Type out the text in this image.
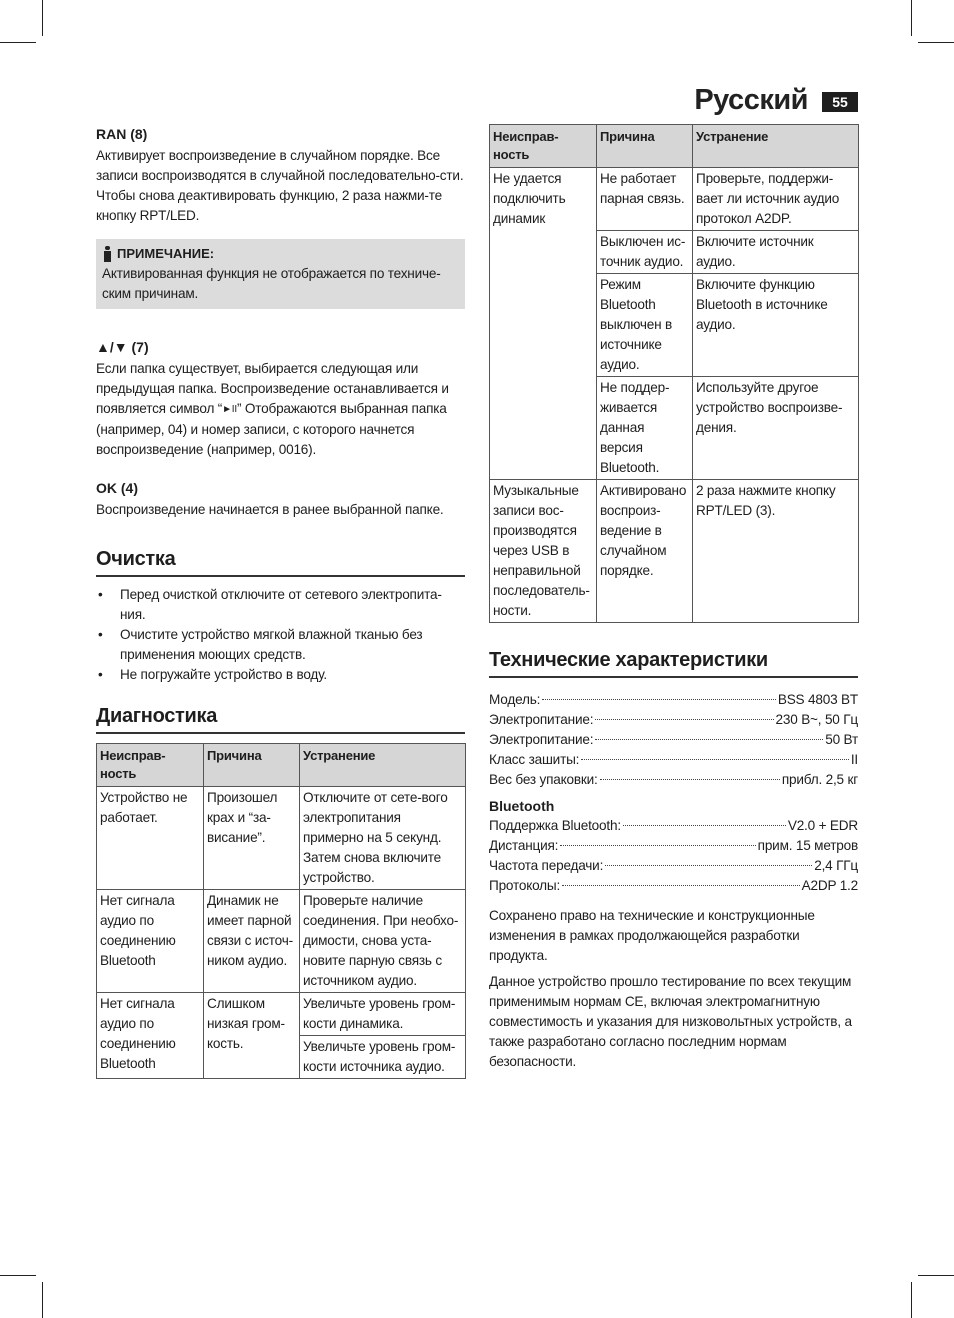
Русский	55

RAN (8)

Активирует воспроизведение в случайном порядке. Все записи воспроизводятся в случайной последовательно-сти. Чтобы снова деактивировать функцию, 2 раза нажми-те кнопку RPT/LED.

ПРИМЕЧАНИЕ:

Активированная функция не отображается по техниче-ским причинам.

▲/▼ (7)

Если папка существует, выбирается следующая или предыдущая папка. Воспроизведение останавливается и появляется символ “►II” Отображаются выбранная папка (например, 04) и номер записи, с которого начнется воспроизведение (например, 0016).

OK (4)

Воспроизведение начинается в ранее выбранной папке.

Очистка
• Перед очисткой отключите от сетевого электропита-ния.
• Очистите устройство мягкой влажной тканью без применения моющих средств.
• Не погружайте устройство в воду.
Диагностика
Неисправ-ность	Причина	Устранение
Устройство не работает.	Произошел крах и “за-висание”.	Отключите от сете-вого электропитания примерно на 5 секунд. Затем снова включите устройство.
Нет сигнала аудио по соединению Bluetooth	Динамик не имеет парной связи с источ-ником аудио.	Проверьте наличие соединения. При необхо-димости, снова уста-новите парную связь с источником аудио.
Нет сигнала аудио по соединению Bluetooth	Слишком низкая гром-кость.	Увеличьте уровень гром-кости динамика.
		Увеличьте уровень гром-кости источника аудио.
Неисправ-ность	Причина	Устранение
Не удается подключить динамик	Не работает парная связь.	Проверьте, поддержи-вает ли источник аудио протокол A2DP.
	Выключен ис-точник аудио.	Включите источник аудио.
	Режим Bluetooth выключен в источнике аудио.	Включите функцию Bluetooth в источнике аудио.
	Не поддер-живается данная версия Bluetooth.	Используйте другое устройство воспроизве-дения.
Музыкальные записи вос-производятся через USB в неправильной последователь-ности.	Активировано воспроиз-ведение в случайном порядке.	2 раза нажмите кнопку RPT/LED (3).
Технические характеристики
Модель:	BSS 4803 BT
Электропитание:	230 В~, 50 Гц
Электропитание:	50 Вт
Класс зашиты:	II
Вес без упаковки:	прибл. 2,5 кг

Bluetooth

Поддержка Bluetooth:	V2.0 + EDR
Дистанция:	прим. 15 метров
Частота передачи:	2,4 ГГц
Протоколы:	A2DP 1.2

Сохранено право на технические и конструкционные изменения в рамках продолжающейся разработки продукта.

Данное устройство прошло тестирование по всех текущим применимым нормам CE, включая электромагнитную совместимость и указания для низковольтных устройств, а также разработано согласно последним нормам безопасности.
